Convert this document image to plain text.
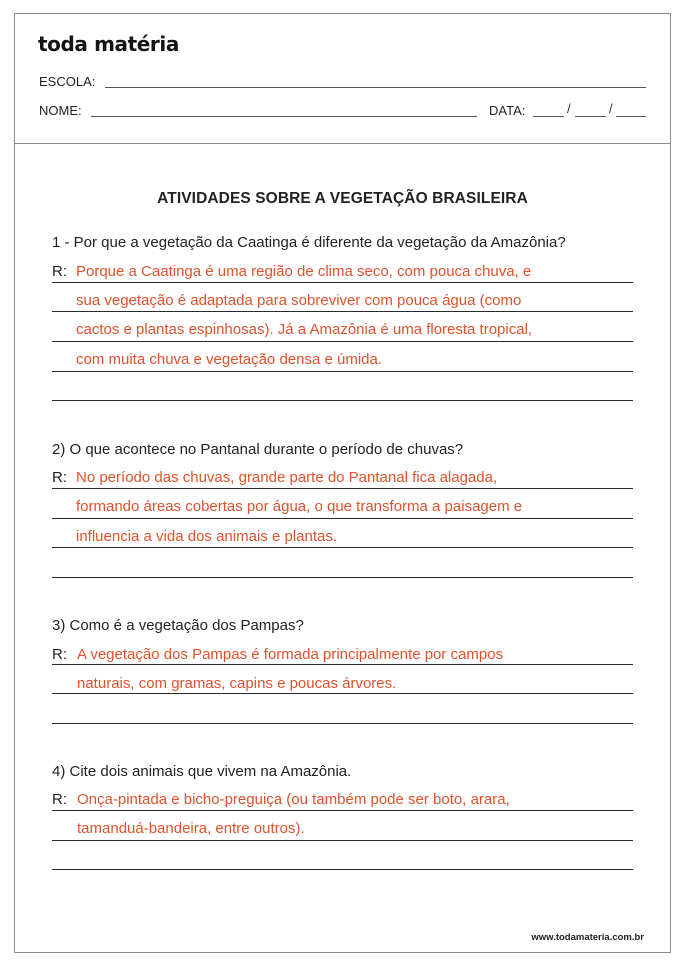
toda matéria
ESCOLA:
NOME:	DATA:	/	/
ATIVIDADES SOBRE A VEGETAÇÃO BRASILEIRA
1 - Por que a vegetação da Caatinga é diferente da vegetação da Amazônia?
R: Porque a Caatinga é uma região de clima seco, com pouca chuva, e
sua vegetação é adaptada para sobreviver com pouca água (como
cactos e plantas espinhosas). Já a Amazônia é uma floresta tropical,
com muita chuva e vegetação densa e úmida.
2) O que acontece no Pantanal durante o período de chuvas?
R: No período das chuvas, grande parte do Pantanal fica alagada,
formando áreas cobertas por água, o que transforma a paisagem e
influencia a vida dos animais e plantas.
3) Como é a vegetação dos Pampas?
R: A vegetação dos Pampas é formada principalmente por campos
naturais, com gramas, capins e poucas árvores.
4) Cite dois animais que vivem na Amazônia.
R: Onça-pintada e bicho-preguiça (ou também pode ser boto, arara,
tamanduá-bandeira, entre outros).
www.todamateria.com.br
